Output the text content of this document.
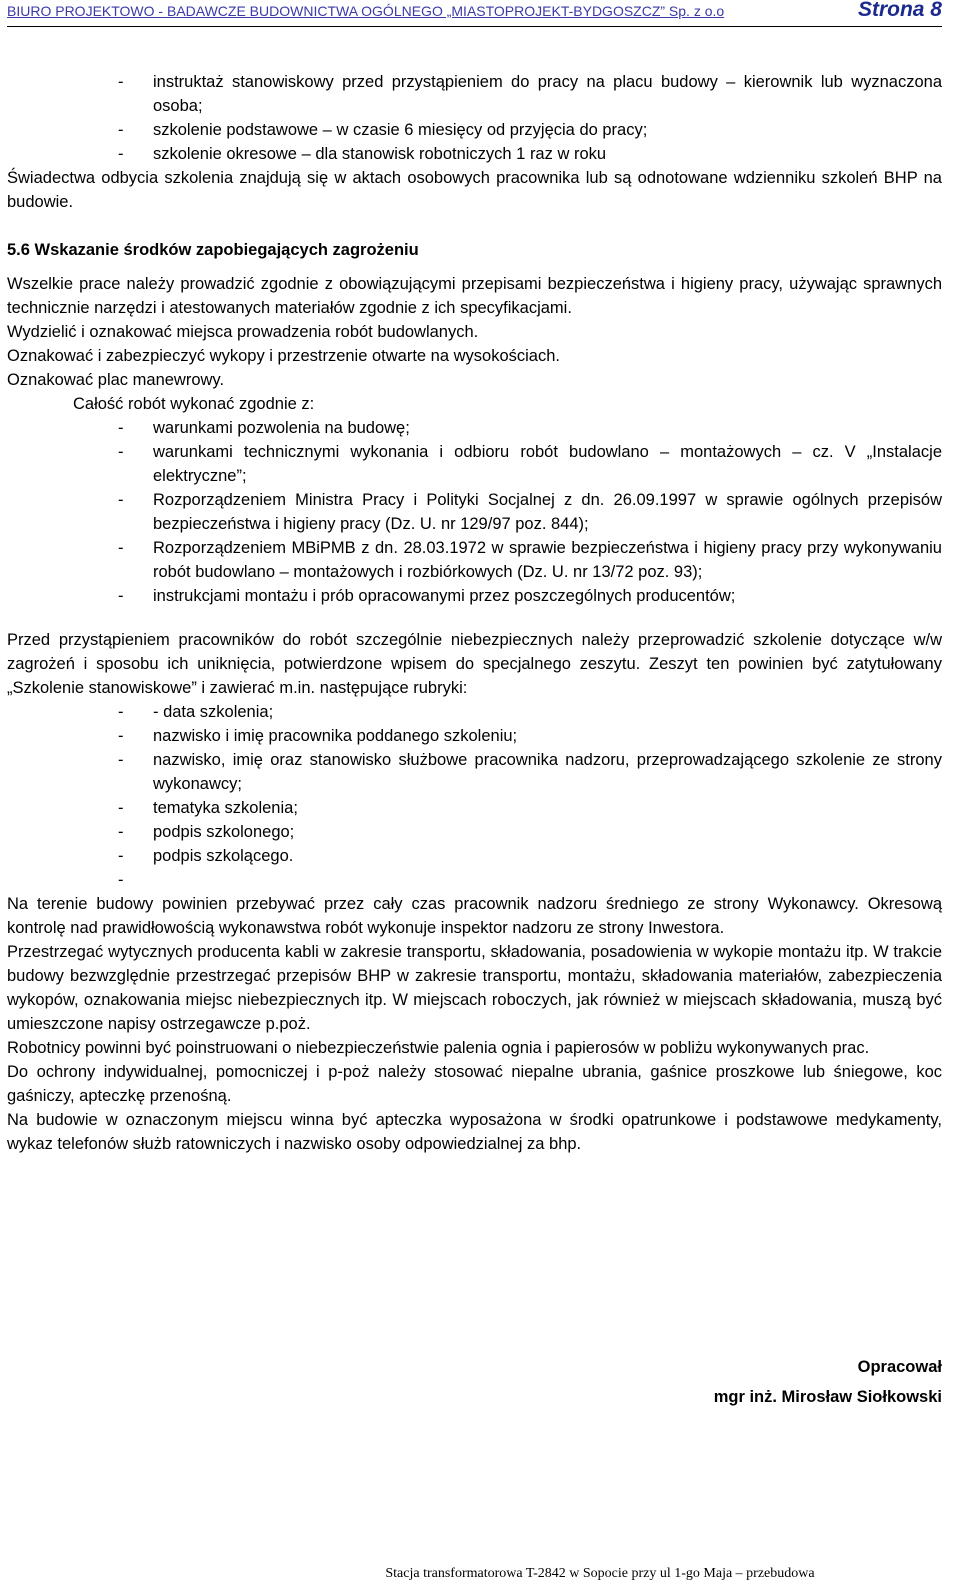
BIURO PROJEKTOWO - BADAWCZE BUDOWNICTWA OGÓLNEGO „MIASTOPROJEKT-BYDGOSZCZ” Sp. z o.o	Strona 8
- instruktaż stanowiskowy przed przystąpieniem do pracy na placu budowy – kierownik lub wyznaczona osoba;
- szkolenie podstawowe – w czasie 6 miesięcy od przyjęcia do pracy;
- szkolenie okresowe – dla stanowisk robotniczych 1 raz w roku
Świadectwa odbycia szkolenia znajdują się w aktach osobowych pracownika lub są odnotowane wdzienniku szkoleń BHP na budowie.
5.6 Wskazanie środków zapobiegających zagrożeniu
Wszelkie prace należy prowadzić zgodnie z obowiązującymi przepisami bezpieczeństwa i higieny pracy, używając sprawnych technicznie narzędzi i atestowanych materiałów zgodnie z ich specyfikacjami.
Wydzielić i oznakować miejsca prowadzenia robót budowlanych.
Oznakować i zabezpieczyć wykopy i przestrzenie otwarte na wysokościach.
Oznakować plac manewrowy.
Całość robót wykonać zgodnie z:
- warunkami pozwolenia na budowę;
- warunkami technicznymi wykonania i odbioru robót budowlano – montażowych – cz. V „Instalacje elektryczne”;
- Rozporządzeniem Ministra Pracy i Polityki Socjalnej z dn. 26.09.1997 w sprawie ogólnych przepisów bezpieczeństwa i higieny pracy (Dz. U. nr 129/97 poz. 844);
- Rozporządzeniem MBiPMB z dn. 28.03.1972 w sprawie bezpieczeństwa i higieny pracy przy wykonywaniu robót budowlano – montażowych i rozbiórkowych (Dz. U. nr 13/72 poz. 93);
- instrukcjami montażu i prób opracowanymi przez poszczególnych producentów;
Przed przystąpieniem pracowników do robót szczególnie niebezpiecznych należy przeprowadzić szkolenie dotyczące w/w zagrożeń i sposobu ich uniknięcia, potwierdzone wpisem do specjalnego zeszytu. Zeszyt ten powinien być zatytułowany „Szkolenie stanowiskowe” i zawierać m.in. następujące rubryki:
- - data szkolenia;
- nazwisko i imię pracownika poddanego szkoleniu;
- nazwisko, imię oraz stanowisko służbowe pracownika nadzoru, przeprowadzającego szkolenie ze strony wykonawcy;
- tematyka szkolenia;
- podpis szkolonego;
- podpis szkolącego.
-
Na terenie budowy powinien przebywać przez cały czas pracownik nadzoru średniego ze strony Wykonawcy. Okresową kontrolę nad prawidłowością wykonawstwa robót wykonuje inspektor nadzoru ze strony Inwestora.
Przestrzegać wytycznych producenta kabli w zakresie transportu, składowania, posadowienia w wykopie montażu itp. W trakcie budowy bezwzględnie przestrzegać przepisów BHP w zakresie transportu, montażu, składowania materiałów, zabezpieczenia wykopów, oznakowania miejsc niebezpiecznych itp. W miejscach roboczych, jak również w miejscach składowania, muszą być umieszczone napisy ostrzegawcze p.poż.
Robotnicy powinni być poinstruowani o niebezpieczeństwie palenia ognia i papierosów w pobliżu wykonywanych prac.
Do ochrony indywidualnej, pomocniczej i p-poż należy stosować niepalne ubrania, gaśnice proszkowe lub śniegowe, koc gaśniczy, apteczkę przenośną.
Na budowie w oznaczonym miejscu winna być apteczka wyposażona w środki opatrunkowe i podstawowe medykamenty, wykaz telefonów służb ratowniczych i nazwisko osoby odpowiedzialnej za bhp.
Opracował
mgr inż. Mirosław Siołkowski
Stacja transformatorowa T-2842 w Sopocie przy ul 1-go Maja – przebudowa
